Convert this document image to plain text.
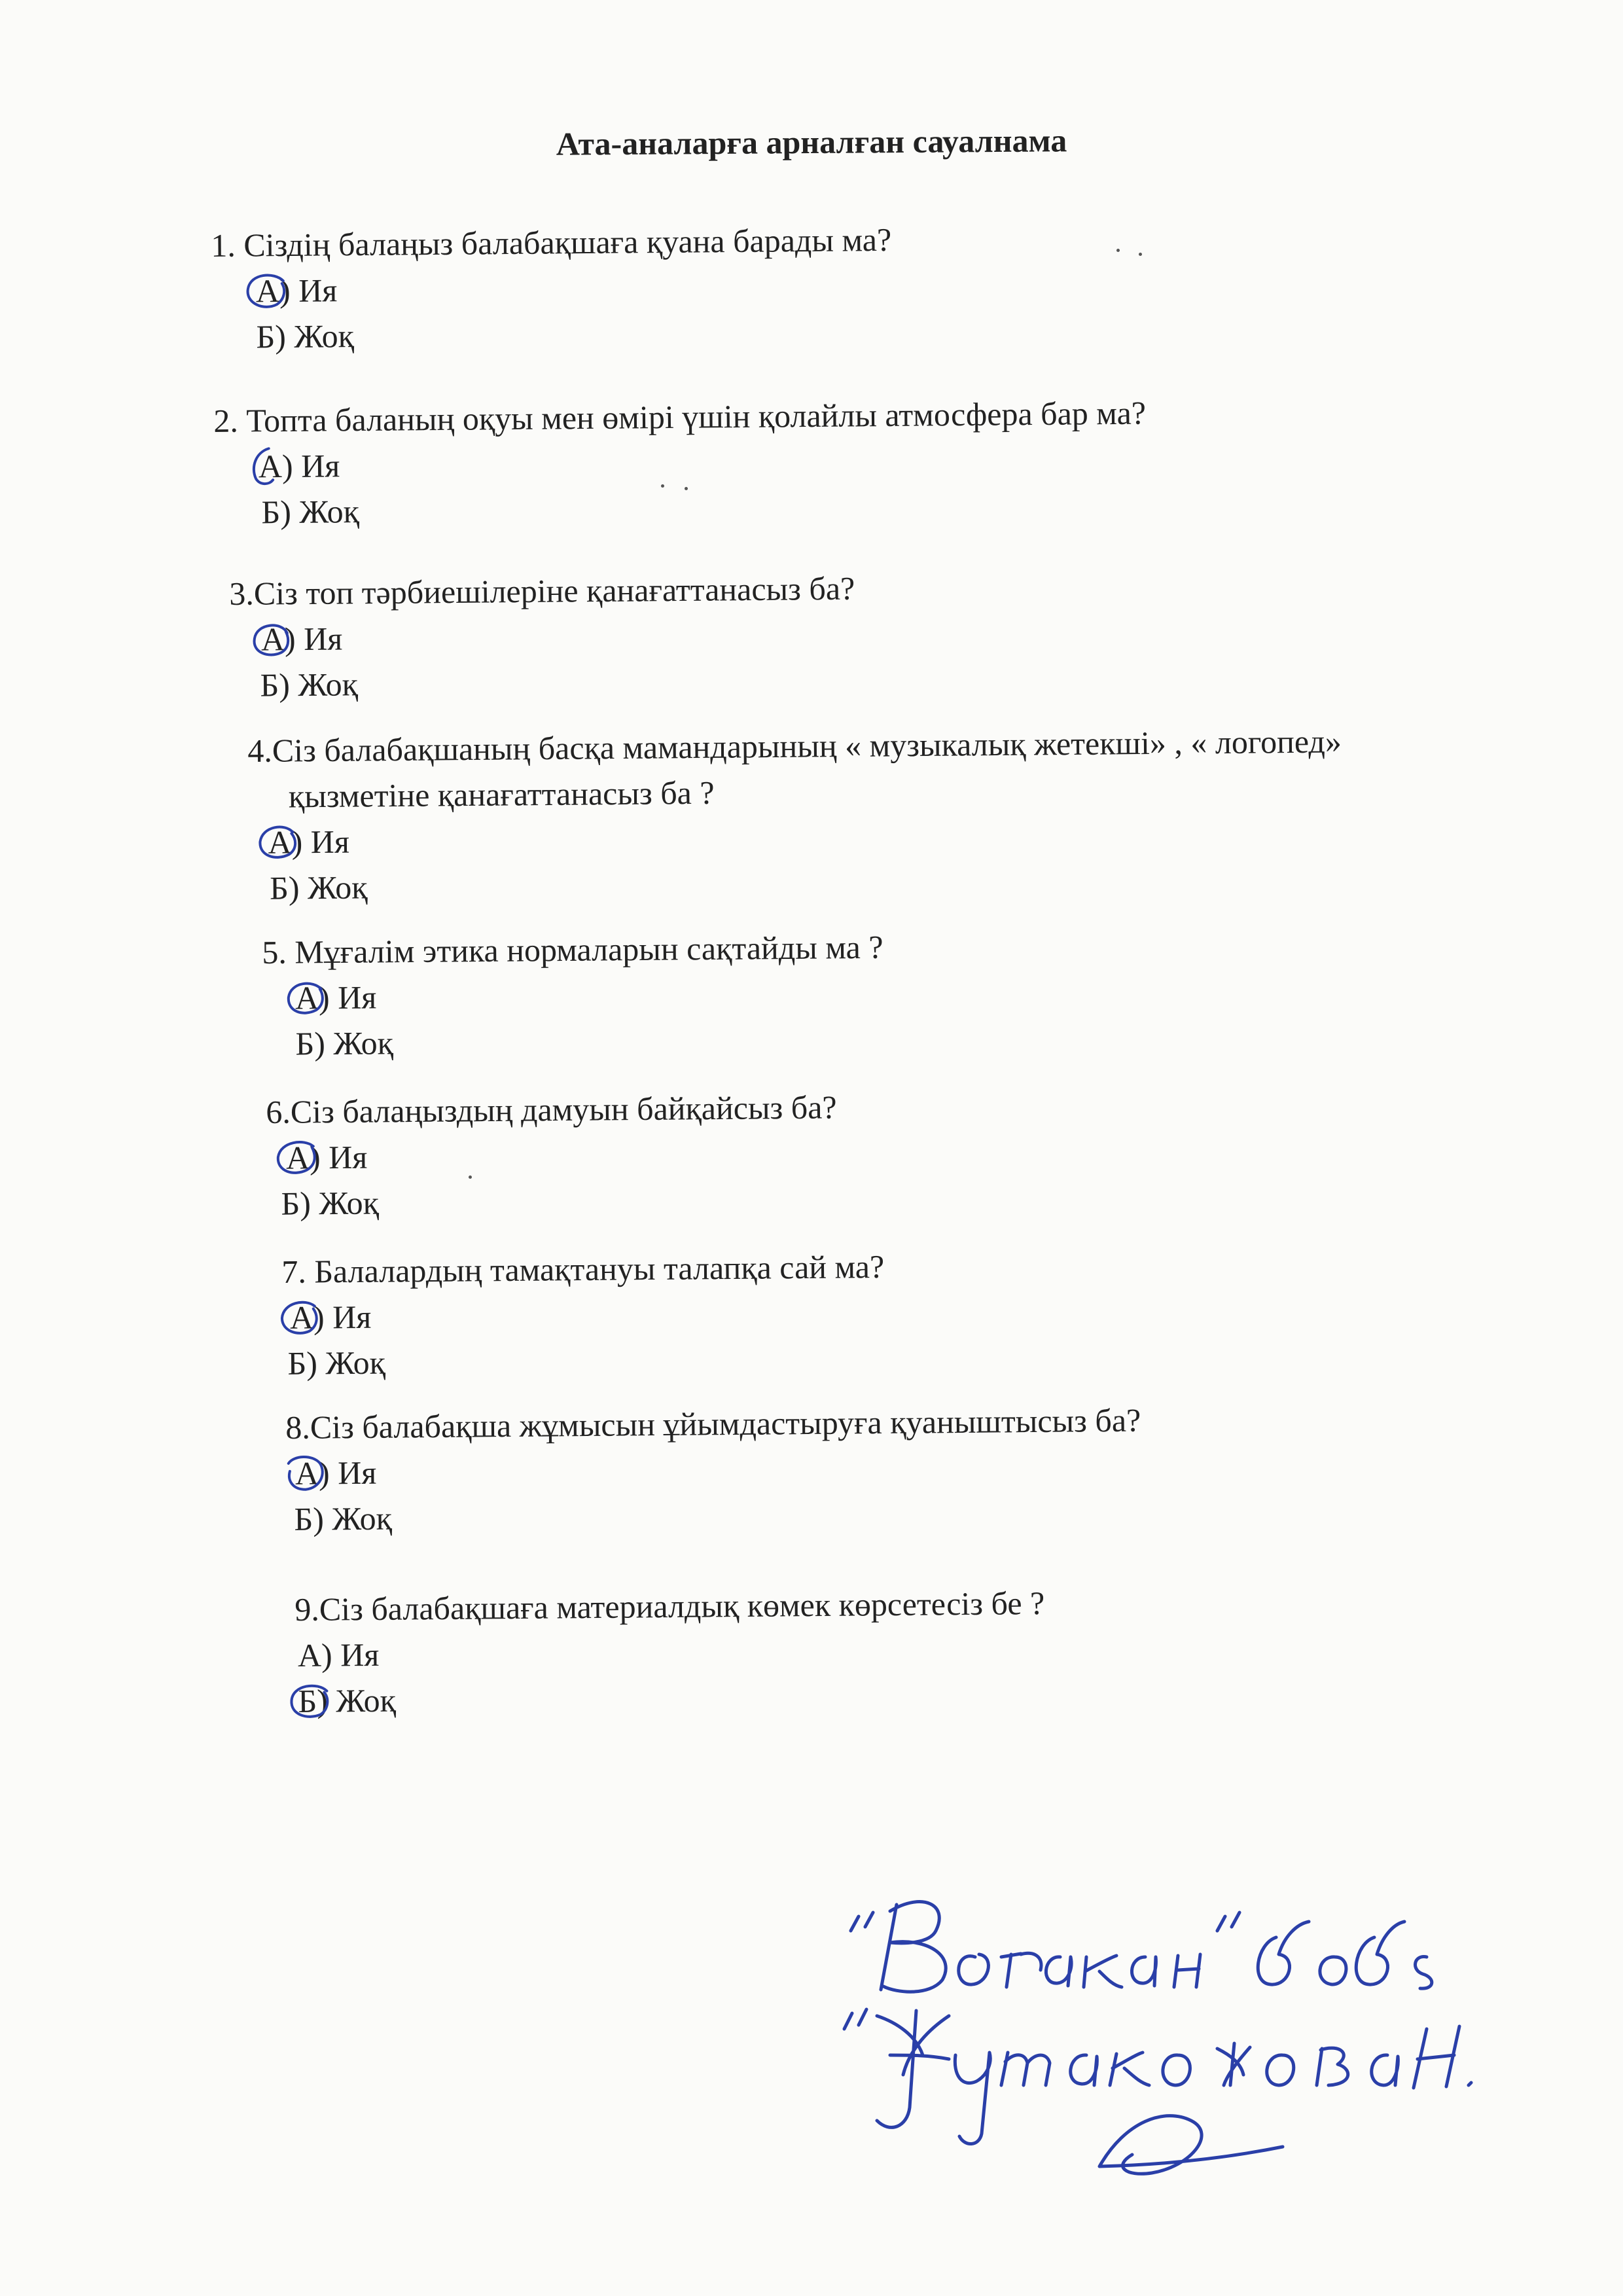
Ата-аналарға арналған сауалнама
1. Сіздің балаңыз балабақшаға қуана барады ма?
А) Ия
Б) Жоқ
2. Топта баланың оқуы мен өмірі үшін қолайлы атмосфера бар ма?
А) Ия
Б) Жоқ
3.Сіз топ тәрбиешілеріне қанағаттанасыз ба?
А) Ия
Б) Жоқ
4.Сіз балабақшаның басқа мамандарының « музыкалық жетекші» , « логопед»
қызметіне қанағаттанасыз ба ?
А) Ия
Б) Жоқ
5. Мұғалім этика нормаларын сақтайды ма ?
А) Ия
Б) Жоқ
6.Сіз балаңыздың дамуын байқайсыз ба?
А) Ия
Б) Жоқ
7. Балалардың тамақтануы талапқа сай ма?
А) Ия
Б) Жоқ
8.Сіз балабақша жұмысын ұйымдастыруға қуаныштысыз ба?
А) Ия
Б) Жоқ
9.Сіз балабақшаға материалдық көмек көрсетесіз бе ?
А) Ия
Б) Жоқ
